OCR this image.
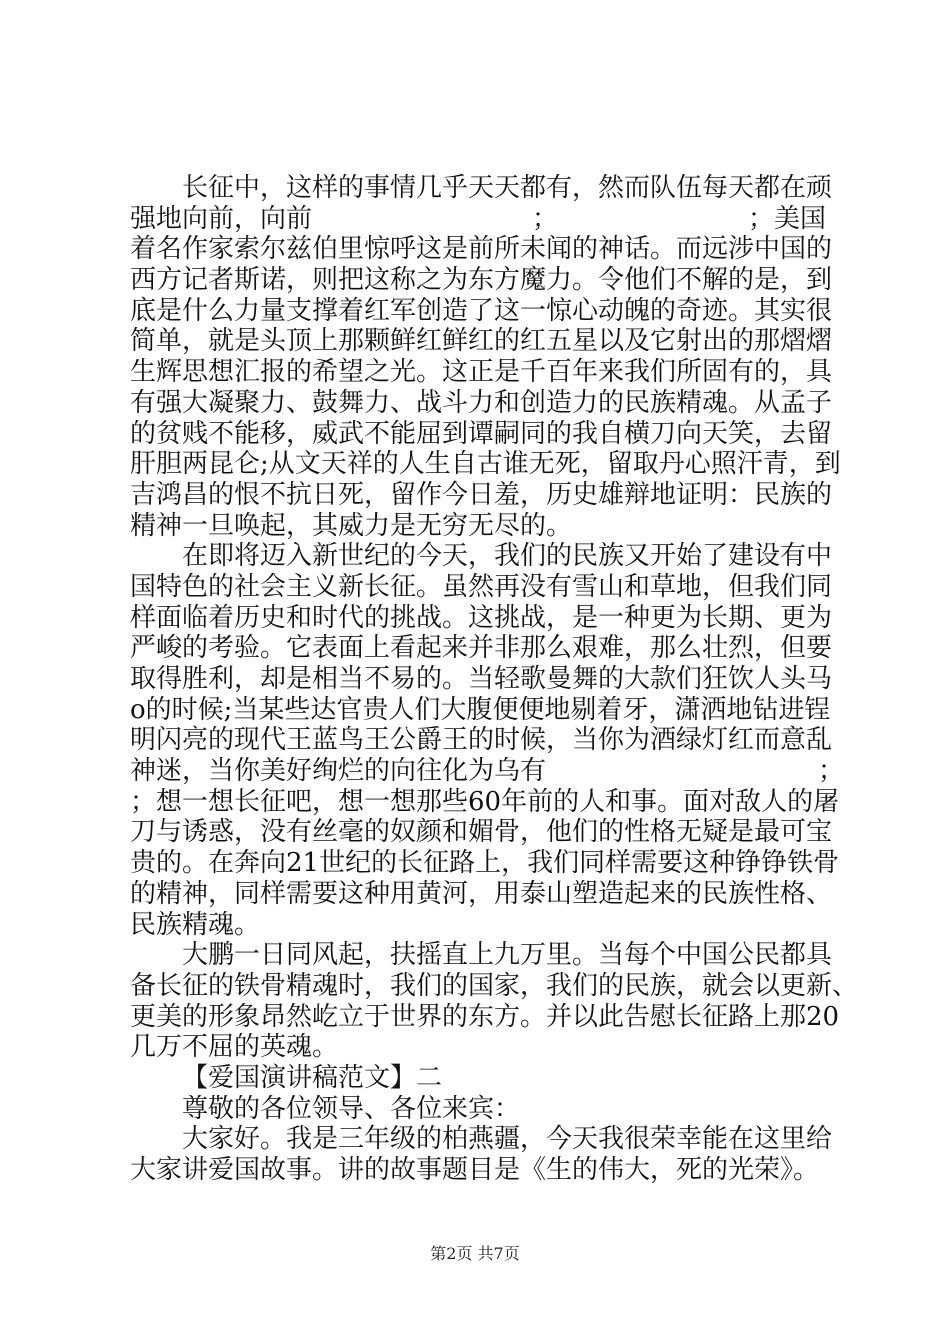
长征中，这样的事情几乎天天都有，然而队伍每天都在顽
强地向前，向前	；	；美国
着名作家索尔兹伯里惊呼这是前所未闻的神话。而远涉中国的
西方记者斯诺，则把这称之为东方魔力。令他们不解的是，到
底是什么力量支撑着红军创造了这一惊心动魄的奇迹。其实很
简单，就是头顶上那颗鲜红鲜红的红五星以及它射出的那熠熠
生辉思想汇报的希望之光。这正是千百年来我们所固有的，具
有强大凝聚力、鼓舞力、战斗力和创造力的民族精魂。从孟子
的贫贱不能移，威武不能屈到谭嗣同的我自横刀向天笑，去留
肝胆两昆仑;从文天祥的人生自古谁无死，留取丹心照汗青，到
吉鸿昌的恨不抗日死，留作今日羞，历史雄辩地证明：民族的
精神一旦唤起，其威力是无穷无尽的。
在即将迈入新世纪的今天，我们的民族又开始了建设有中
国特色的社会主义新长征。虽然再没有雪山和草地，但我们同
样面临着历史和时代的挑战。这挑战，是一种更为长期、更为
严峻的考验。它表面上看起来并非那么艰难，那么壮烈，但要
取得胜利，却是相当不易的。当轻歌曼舞的大款们狂饮人头马
o的时候;当某些达官贵人们大腹便便地剔着牙，潇洒地钻进锃
明闪亮的现代王蓝鸟王公爵王的时候，当你为酒绿灯红而意乱
神迷，当你美好绚烂的向往化为乌有	；
；想一想长征吧，想一想那些60年前的人和事。面对敌人的屠
刀与诱惑，没有丝毫的奴颜和媚骨，他们的性格无疑是最可宝
贵的。在奔向21世纪的长征路上，我们同样需要这种铮铮铁骨
的精神，同样需要这种用黄河，用泰山塑造起来的民族性格、
民族精魂。
大鹏一日同风起，扶摇直上九万里。当每个中国公民都具
备长征的铁骨精魂时，我们的国家，我们的民族，就会以更新、
更美的形象昂然屹立于世界的东方。并以此告慰长征路上那20
几万不屈的英魂。
【爱国演讲稿范文】二
尊敬的各位领导、各位来宾：
大家好。我是三年级的柏燕疆，今天我很荣幸能在这里给
大家讲爱国故事。讲的故事题目是《生的伟大，死的光荣》。
第2页 共7页
